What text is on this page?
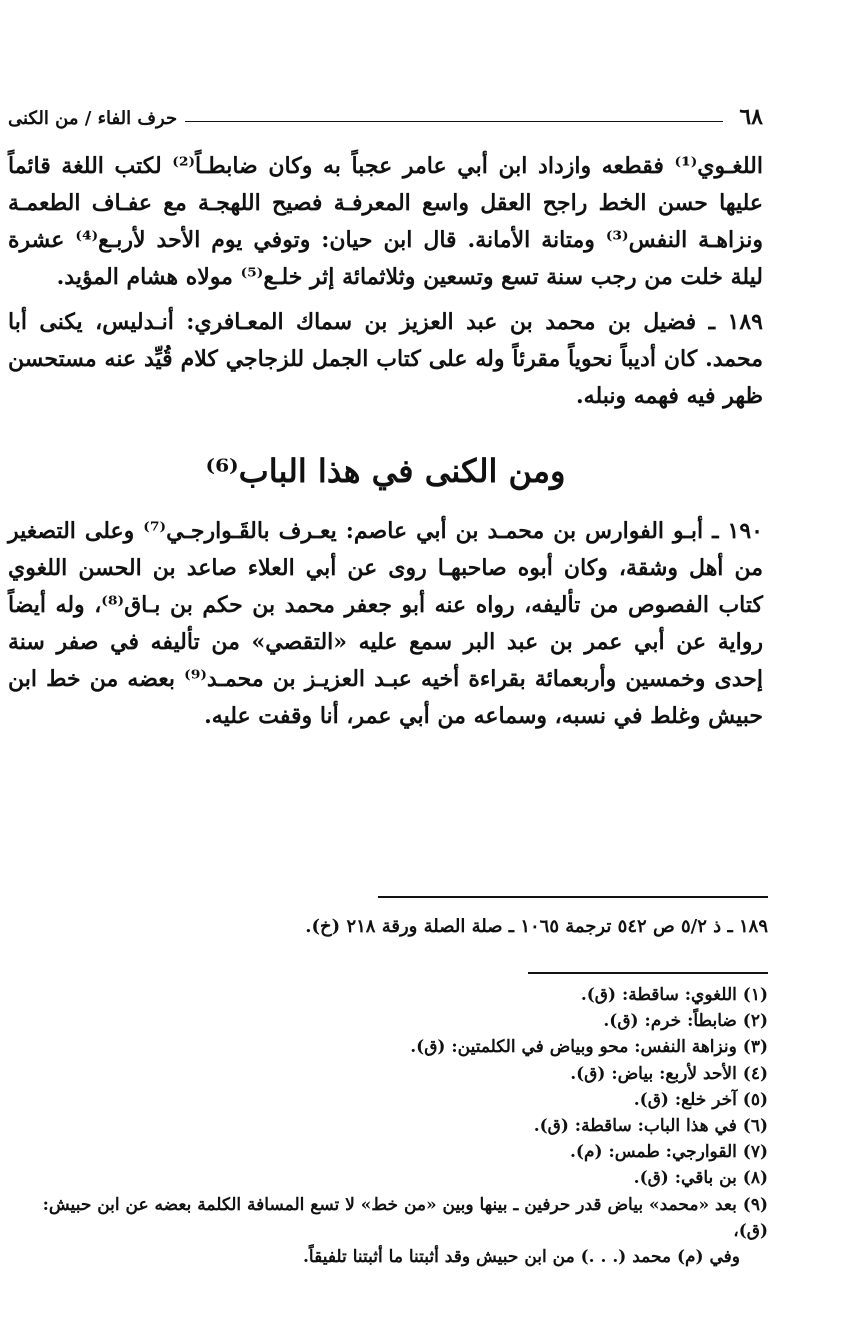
٦٨
حرف الفاء / من الكنى

اللغـوي⁽¹⁾ فقطعه وازداد ابن أبي عامر عجباً به وكان ضابطـاً⁽²⁾ لكتب اللغة قائماً عليها حسن الخط راجح العقل واسع المعرفـة فصيح اللهجـة مع عفـاف الطعمـة ونزاهـة النفس⁽³⁾ ومتانة الأمانة. قال ابن حيان: وتوفي يوم الأحد لأربـع⁽⁴⁾ عشرة ليلة خلت من رجب سنة تسع وتسعين وثلاثمائة إثر خلـع⁽⁵⁾ مولاه هشام المؤيد.

١٨٩ ـ فضيل بن محمد بن عبد العزيز بن سماك المعـافري: أنـدليس، يكنى أبا محمد. كان أديباً نحوياً مقرئاً وله على كتاب الجمل للزجاجي كلام قُيِّد عنه مستحسن ظهر فيه فهمه ونبله.

ومن الكنى في هذا الباب⁽⁶⁾

١٩٠ ـ أبـو الفوارس بن محمـد بن أبي عاصم: يعـرف بالقَـوارجـي⁽⁷⁾ وعلى التصغير من أهل وشقة، وكان أبوه صاحبهـا روى عن أبي العلاء صاعد بن الحسن اللغوي كتاب الفصوص من تأليفه، رواه عنه أبو جعفر محمد بن حكم بن بـاق⁽⁸⁾، وله أيضاً رواية عن أبي عمر بن عبد البر سمع عليه «التقصي» من تأليفه في صفر سنة إحدى وخمسين وأربعمائة بقراءة أخيه عبـد العزيـز بن محمـد⁽⁹⁾ بعضه من خط ابن حبيش وغلط في نسبه، وسماعه من أبي عمر، أنا وقفت عليه.

١٨٩ ـ ذ ٥/٢ ص ٥٤٢ ترجمة ١٠٦٥ ـ صلة الصلة ورقة ٢١٨ (خ).
(١) اللغوي: ساقطة: (ق).
(٢) ضابطاً: خرم: (ق).
(٣) ونزاهة النفس: محو وبياض في الكلمتين: (ق).
(٤) الأحد لأربع: بياض: (ق).
(٥) آخر خلع: (ق).
(٦) في هذا الباب: ساقطة: (ق).
(٧) القوارجي: طمس: (م).
(٨) بن باقي: (ق).
(٩) بعد «محمد» بياض قدر حرفين ـ بينها وبين «من خط» لا تسع المسافة الكلمة بعضه عن ابن حبيش: (ق)،
وفي (م) محمد (. . .) من ابن حبيش وقد أثبتنا ما أثبتنا تلفيقاً.
